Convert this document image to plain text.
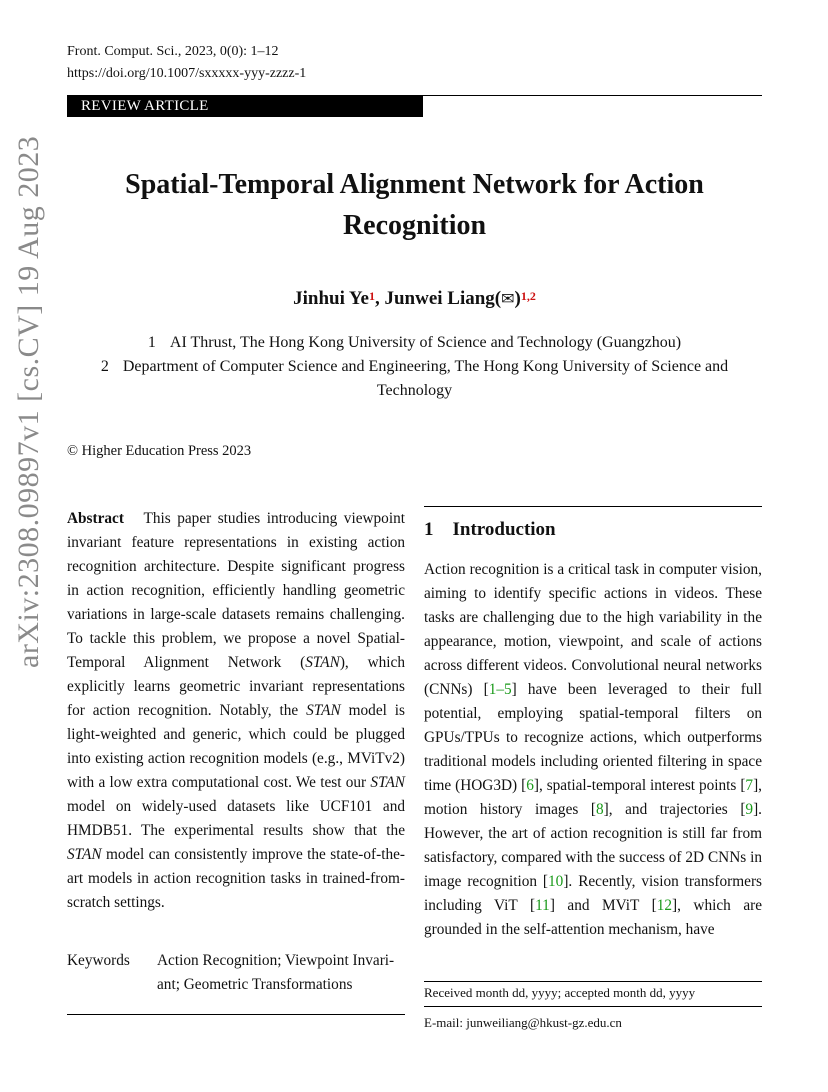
Front. Comput. Sci., 2023, 0(0): 1–12
https://doi.org/10.1007/sxxxxx-yyy-zzzz-1
REVIEW ARTICLE
arXiv:2308.09897v1 [cs.CV] 19 Aug 2023	Spatial-Temporal Alignment Network for Action
Recognition
Jinhui Ye$^1$, Junwei Liang(✉)$^{1,2}$
1 AI Thrust, The Hong Kong University of Science and Technology (Guangzhou)
2 Department of Computer Science and Engineering, The Hong Kong University of Science and
Technology
© Higher Education Press 2023
Abstract This paper studies introducing viewpoint invariant feature representations in existing action recognition architecture. Despite significant progress in action recognition, efficiently handling geometric variations in large-scale datasets remains challenging. To tackle this problem, we propose a novel Spatial-Temporal Alignment Network (STAN), which explicitly learns geometric invariant representations for action recognition. Notably, the STAN model is light-weighted and generic, which could be plugged into existing action recognition models (e.g., MViTv2) with a low extra computational cost. We test our STAN model on widely-used datasets like UCF101 and HMDB51. The experimental results show that the STAN model can consistently improve the state-of-the-art models in action recognition tasks in trained-from-scratch settings.
Keywords	Action Recognition; Viewpoint Invari-
ant; Geometric Transformations
1 Introduction
Action recognition is a critical task in computer vision, aiming to identify specific actions in videos. These tasks are challenging due to the high variability in the appearance, motion, viewpoint, and scale of actions across different videos. Convolutional neural networks (CNNs) [1–5] have been leveraged to their full potential, employing spatial-temporal filters on GPUs/TPUs to recognize actions, which outperforms traditional models including oriented filtering in space time (HOG3D) [6], spatial-temporal interest points [7], motion history images [8], and trajectories [9]. However, the art of action recognition is still far from satisfactory, compared with the success of 2D CNNs in image recognition [10]. Recently, vision transformers including ViT [11] and MViT [12], which are grounded in the self-attention mechanism, have
Received month dd, yyyy; accepted month dd, yyyy
E-mail: junweiliang@hkust-gz.edu.cn
